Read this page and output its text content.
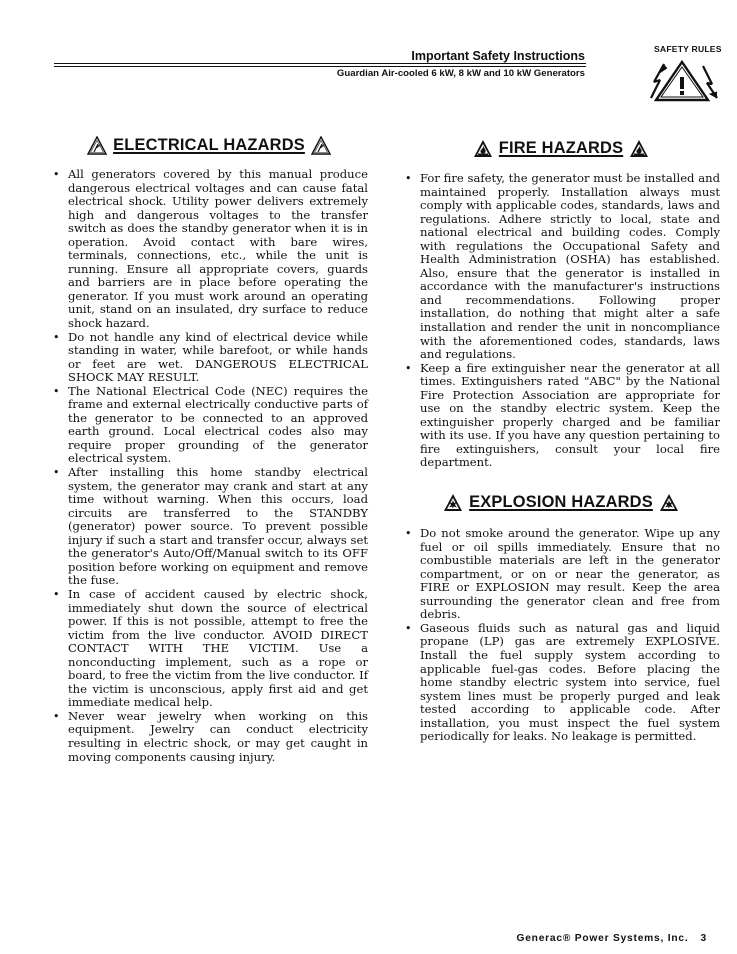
Important Safety Instructions
Guardian Air-cooled 6 kW, 8 kW and 10 kW Generators
SAFETY RULES
ELECTRICAL HAZARDS
• All generators covered by this manual produce dangerous electrical voltages and can cause fatal electrical shock. Utility power delivers extremely high and dangerous voltages to the transfer switch as does the standby generator when it is in operation. Avoid contact with bare wires, terminals, connections, etc., while the unit is running. Ensure all appropriate covers, guards and barriers are in place before operating the generator. If you must work around an operating unit, stand on an insulated, dry surface to reduce shock hazard.
• Do not handle any kind of electrical device while standing in water, while barefoot, or while hands or feet are wet. DANGEROUS ELECTRICAL SHOCK MAY RESULT.
• The National Electrical Code (NEC) requires the frame and external electrically conductive parts of the generator to be connected to an approved earth ground. Local electrical codes also may require proper grounding of the generator electrical system.
• After installing this home standby electrical system, the generator may crank and start at any time without warning. When this occurs, load circuits are transferred to the STANDBY (generator) power source. To prevent possible injury if such a start and transfer occur, always set the generator's Auto/Off/Manual switch to its OFF position before working on equipment and remove the fuse.
• In case of accident caused by electric shock, immediately shut down the source of electrical power. If this is not possible, attempt to free the victim from the live conductor. AVOID DIRECT CONTACT WITH THE VICTIM. Use a nonconducting implement, such as a rope or board, to free the victim from the live conductor. If the victim is unconscious, apply first aid and get immediate medical help.
• Never wear jewelry when working on this equipment. Jewelry can conduct electricity resulting in electric shock, or may get caught in moving components causing injury.
FIRE HAZARDS
• For fire safety, the generator must be installed and maintained properly. Installation always must comply with applicable codes, standards, laws and regulations. Adhere strictly to local, state and national electrical and building codes. Comply with regulations the Occupational Safety and Health Administration (OSHA) has established. Also, ensure that the generator is installed in accordance with the manufacturer's instructions and recommendations. Following proper installation, do nothing that might alter a safe installation and render the unit in noncompliance with the aforementioned codes, standards, laws and regulations.
• Keep a fire extinguisher near the generator at all times. Extinguishers rated "ABC" by the National Fire Protection Association are appropriate for use on the standby electric system. Keep the extinguisher properly charged and be familiar with its use. If you have any question pertaining to fire extinguishers, consult your local fire department.
EXPLOSION HAZARDS
• Do not smoke around the generator. Wipe up any fuel or oil spills immediately. Ensure that no combustible materials are left in the generator compartment, or on or near the generator, as FIRE or EXPLOSION may result. Keep the area surrounding the generator clean and free from debris.
• Gaseous fluids such as natural gas and liquid propane (LP) gas are extremely EXPLOSIVE. Install the fuel supply system according to applicable fuel-gas codes. Before placing the home standby electric system into service, fuel system lines must be properly purged and leak tested according to applicable code. After installation, you must inspect the fuel system periodically for leaks. No leakage is permitted.
Generac® Power Systems, Inc. 3
